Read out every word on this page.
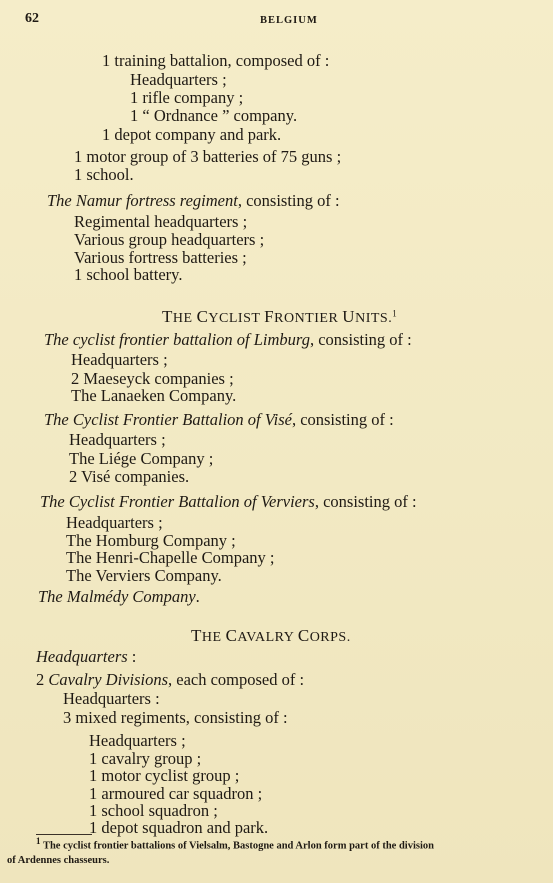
62	BELGIUM
1 training battalion, composed of :
Headquarters ;
1 rifle company ;
1 “ Ordnance ” company.
1 depot company and park.
1 motor group of 3 batteries of 75 guns ;
1 school.
The Namur fortress regiment, consisting of :
Regimental headquarters ;
Various group headquarters ;
Various fortress batteries ;
1 school battery.
The cyclist frontier battalion of Limburg, consisting of :
Headquarters ;
2 Maeseyck companies ;
The Lanaeken Company.
The Cyclist Frontier Battalion of Visé, consisting of :
Headquarters ;
The Liége Company ;
2 Visé companies.
The Cyclist Frontier Battalion of Verviers, consisting of :
Headquarters ;
The Homburg Company ;
The Henri-Chapelle Company ;
The Verviers Company.
The Malmédy Company.
Headquarters :
2 Cavalry Divisions, each composed of :
Headquarters :
3 mixed regiments, consisting of :
Headquarters ;
1 cavalry group ;
1 motor cyclist group ;
1 armoured car squadron ;
1 school squadron ;
1 depot squadron and park.
THE CYCLIST FRONTIER UNITS.$^1$
THE CAVALRY CORPS.
$^1$ The cyclist frontier battalions of Vielsalm, Bastogne and Arlon form part of the division
of Ardennes chasseurs.
